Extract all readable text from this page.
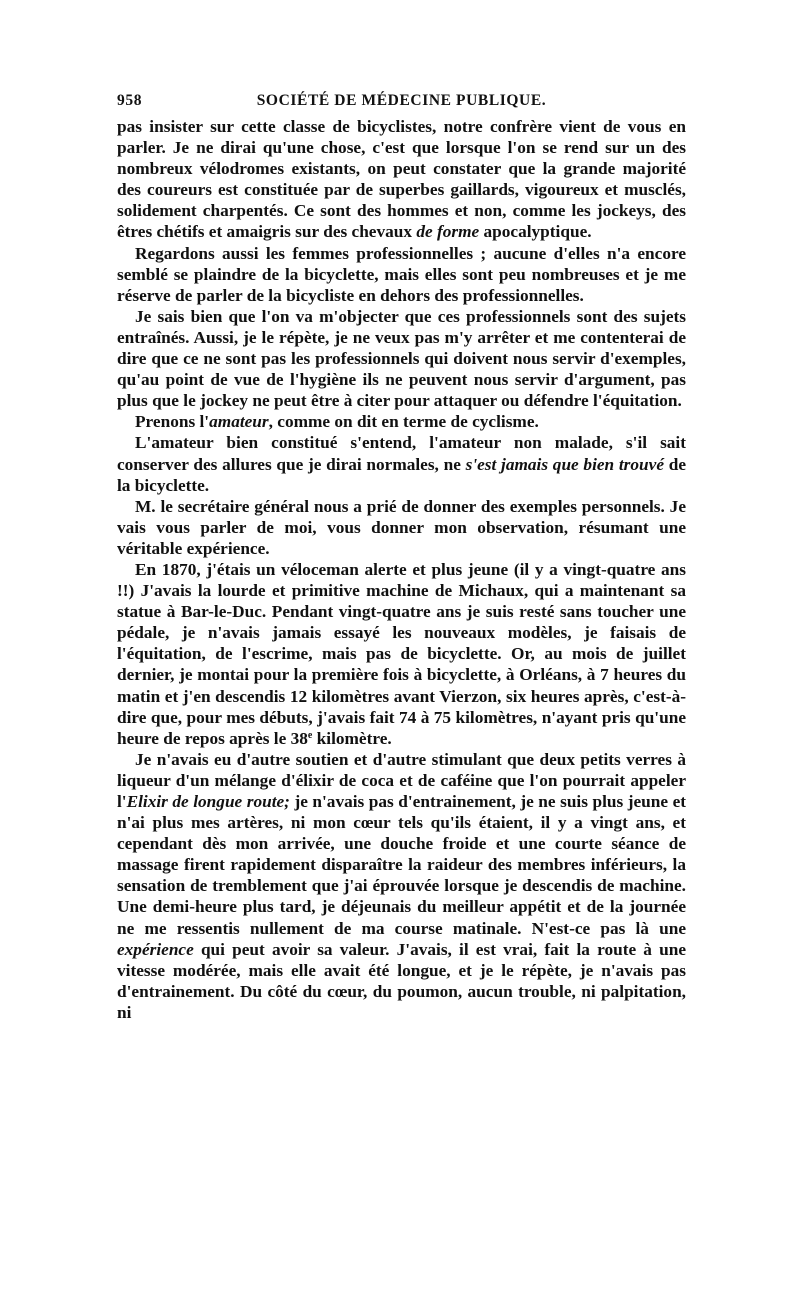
958	SOCIÉTÉ DE MÉDECINE PUBLIQUE.

pas insister sur cette classe de bicyclistes, notre confrère vient de vous en parler. Je ne dirai qu'une chose, c'est que lorsque l'on se rend sur un des nombreux vélodromes existants, on peut constater que la grande majorité des coureurs est constituée par de superbes gaillards, vigoureux et musclés, solidement charpentés. Ce sont des hommes et non, comme les jockeys, des êtres chétifs et amaigris sur des chevaux de forme apocalyptique.

Regardons aussi les femmes professionnelles ; aucune d'elles n'a encore semblé se plaindre de la bicyclette, mais elles sont peu nombreuses et je me réserve de parler de la bicycliste en dehors des professionnelles.

Je sais bien que l'on va m'objecter que ces professionnels sont des sujets entraînés. Aussi, je le répète, je ne veux pas m'y arrêter et me contenterai de dire que ce ne sont pas les professionnels qui doivent nous servir d'exemples, qu'au point de vue de l'hygiène ils ne peuvent nous servir d'argument, pas plus que le jockey ne peut être à citer pour attaquer ou défendre l'équitation.

Prenons l'amateur, comme on dit en terme de cyclisme.

L'amateur bien constitué s'entend, l'amateur non malade, s'il sait conserver des allures que je dirai normales, ne s'est jamais que bien trouvé de la bicyclette.

M. le secrétaire général nous a prié de donner des exemples personnels. Je vais vous parler de moi, vous donner mon observation, résumant une véritable expérience.

En 1870, j'étais un véloceman alerte et plus jeune (il y a vingt-quatre ans !!) J'avais la lourde et primitive machine de Michaux, qui a maintenant sa statue à Bar-le-Duc. Pendant vingt-quatre ans je suis resté sans toucher une pédale, je n'avais jamais essayé les nouveaux modèles, je faisais de l'équitation, de l'escrime, mais pas de bicyclette. Or, au mois de juillet dernier, je montai pour la première fois à bicyclette, à Orléans, à 7 heures du matin et j'en descendis 12 kilomètres avant Vierzon, six heures après, c'est-à-dire que, pour mes débuts, j'avais fait 74 à 75 kilomètres, n'ayant pris qu'une heure de repos après le 38e kilomètre.

Je n'avais eu d'autre soutien et d'autre stimulant que deux petits verres à liqueur d'un mélange d'élixir de coca et de caféine que l'on pourrait appeler l'Elixir de longue route; je n'avais pas d'entrainement, je ne suis plus jeune et n'ai plus mes artères, ni mon cœur tels qu'ils étaient, il y a vingt ans, et cependant dès mon arrivée, une douche froide et une courte séance de massage firent rapidement disparaître la raideur des membres inférieurs, la sensation de tremblement que j'ai éprouvée lorsque je descendis de machine. Une demi-heure plus tard, je déjeunais du meilleur appétit et de la journée ne me ressentis nullement de ma course matinale. N'est-ce pas là une expérience qui peut avoir sa valeur. J'avais, il est vrai, fait la route à une vitesse modérée, mais elle avait été longue, et je le répète, je n'avais pas d'entrainement. Du côté du cœur, du poumon, aucun trouble, ni palpitation, ni
